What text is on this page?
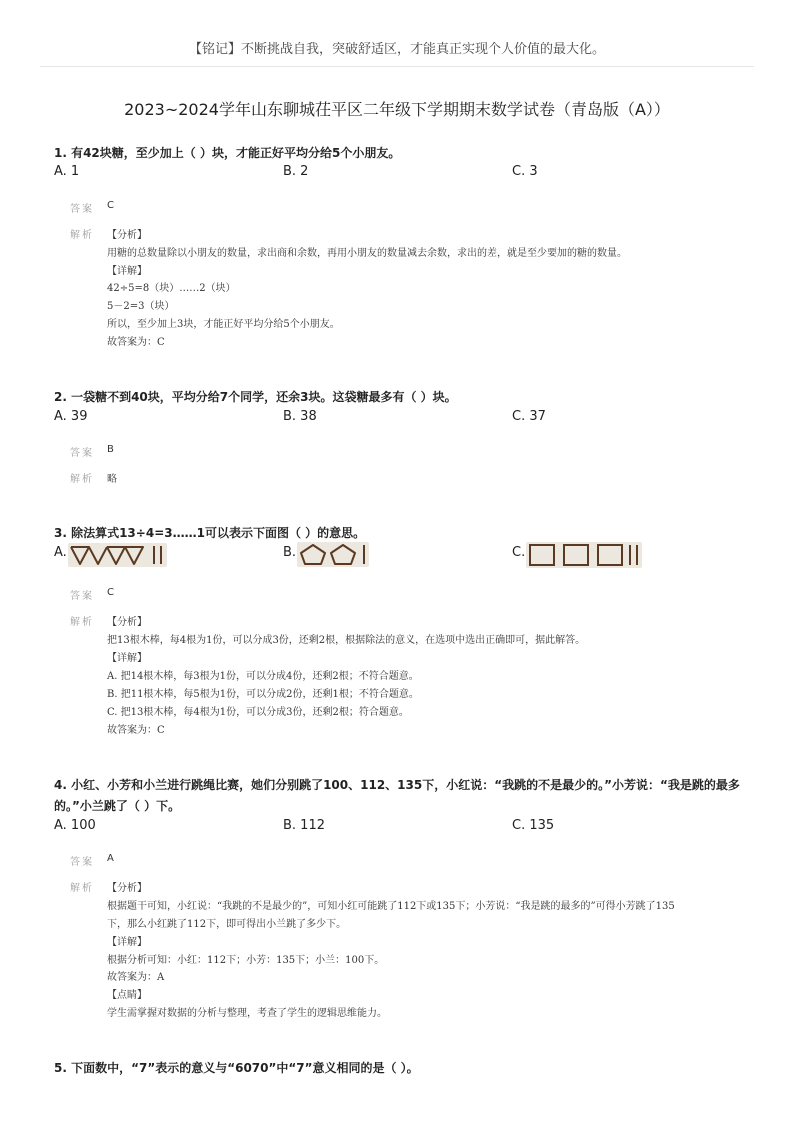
【铭记】不断挑战自我，突破舒适区，才能真正实现个人价值的最大化。
2023~2024学年山东聊城茌平区二年级下学期期末数学试卷（青岛版（A））
1. 有42块糖，至少加上（ ）块，才能正好平均分给5个小朋友。
A. 1	B. 2	C. 3
答案 C
解析 【分析】
用糖的总数量除以小朋友的数量，求出商和余数，再用小朋友的数量减去余数，求出的差，就是至少要加的糖的数量。
【详解】
42÷5=8（块）……2（块）
5－2=3（块）
所以，至少加上3块，才能正好平均分给5个小朋友。
故答案为：C
2. 一袋糖不到40块，平均分给7个同学，还余3块。这袋糖最多有（ ）块。
A. 39	B. 38	C. 37
答案 B
解析 略
3. 除法算式13÷4=3……1可以表示下面图（ ）的意思。
A.	B.	C.
答案 C
解析 【分析】
把13根木棒，每4根为1份，可以分成3份，还剩2根，根据除法的意义，在选项中选出正确即可，据此解答。
【详解】
A. 把14根木棒，每3根为1份，可以分成4份，还剩2根；不符合题意。
B. 把11根木棒，每5根为1份，可以分成2份，还剩1根；不符合题意。
C. 把13根木棒，每4根为1份，可以分成3份，还剩2根；符合题意。
故答案为：C
4. 小红、小芳和小兰进行跳绳比赛，她们分别跳了100、112、135下，小红说：“我跳的不是最少的。”小芳说：“我是跳的最多
的。”小兰跳了（ ）下。
A. 100	B. 112	C. 135
答案 A
解析 【分析】
根据题干可知，小红说：“我跳的不是最少的”，可知小红可能跳了112下或135下；小芳说：“我是跳的最多的”可得小芳跳了135
下，那么小红跳了112下，即可得出小兰跳了多少下。
【详解】
根据分析可知：小红：112下；小芳：135下；小兰：100下。
故答案为：A
【点睛】
学生需掌握对数据的分析与整理，考查了学生的逻辑思维能力。
5. 下面数中，“7”表示的意义与“6070”中“7”意义相同的是（ ）。
